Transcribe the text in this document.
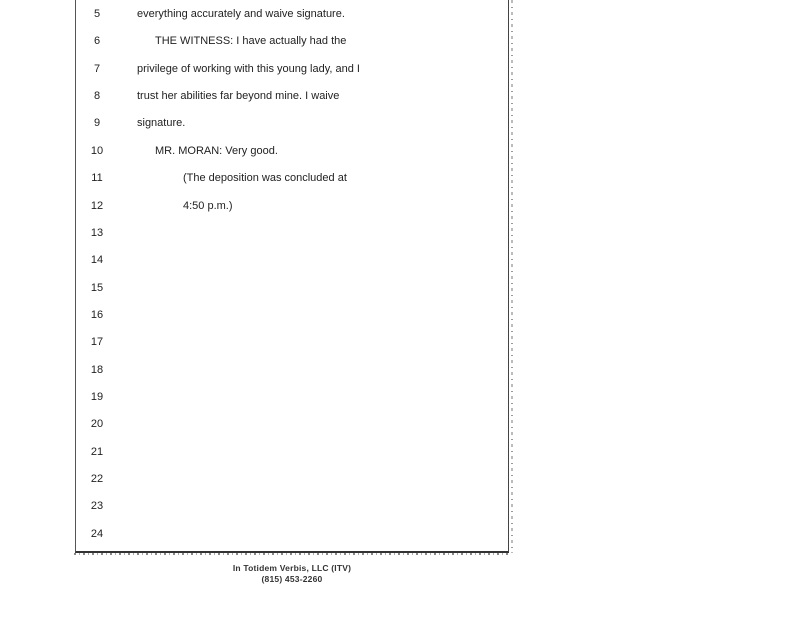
5	everything accurately and waive signature.
6	THE WITNESS: I have actually had the
7	privilege of working with this young lady, and I
8	trust her abilities far beyond mine. I waive
9	signature.
10	MR. MORAN: Very good.
11	(The deposition was concluded at
12	4:50 p.m.)
13
14
15
16
17
18
19
20
21
22
23
24
In Totidem Verbis, LLC (ITV)
(815) 453-2260
